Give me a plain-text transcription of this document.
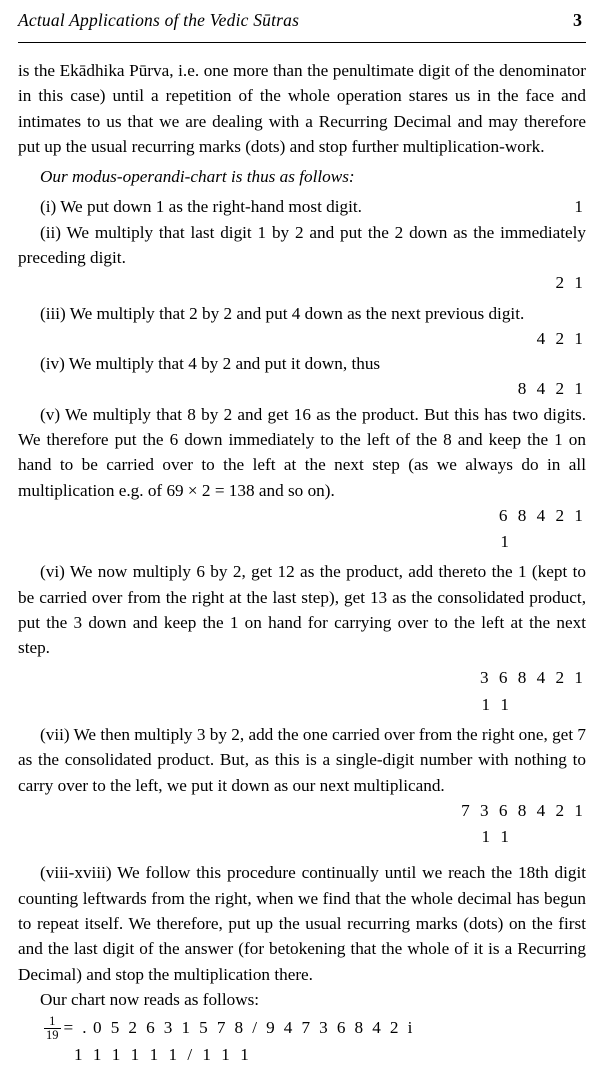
Actual Applications of the Vedic Sūtras	3

is the Ekādhika Pūrva, i.e. one more than the penultimate digit of the denominator in this case) until a repetition of the whole operation stares us in the face and intimates to us that we are dealing with a Recurring Decimal and may therefore put up the usual recurring marks (dots) and stop further multiplication-work.

Our modus-operandi-chart is thus as follows:

(i) We put down 1 as the right-hand most digit.	1

(ii) We multiply that last digit 1 by 2 and put the 2 down as the immediately preceding digit.

2 1

(iii) We multiply that 2 by 2 and put 4 down as the next previous digit.

4 2 1

(iv) We multiply that 4 by 2 and put it down, thus

8 4 2 1

(v) We multiply that 8 by 2 and get 16 as the product. But this has two digits. We therefore put the 6 down immediately to the left of the 8 and keep the 1 on hand to be carried over to the left at the next step (as we always do in all multiplication e.g. of 69 × 2 = 138 and so on).

6 8 4 2 1
1

(vi) We now multiply 6 by 2, get 12 as the product, add thereto the 1 (kept to be carried over from the right at the last step), get 13 as the consolidated product, put the 3 down and keep the 1 on hand for carrying over to the left at the next step.

3 6 8 4 2 1
1 1

(vii) We then multiply 3 by 2, add the one carried over from the right one, get 7 as the consolidated product. But, as this is a single-digit number with nothing to carry over to the left, we put it down as our next multiplicand.

7 3 6 8 4 2 1
1 1

(viii-xviii) We follow this procedure continually until we reach the 18th digit counting leftwards from the right, when we find that the whole decimal has begun to repeat itself. We therefore, put up the usual recurring marks (dots) on the first and the last digit of the answer (for betokening that the whole of it is a Recurring Decimal) and stop the multiplication there.

Our chart now reads as follows:

$\frac{1}{19}$ = . 0 5 2 6 3 1 5 7 8 / 9 4 7 3 6 8 4 2 i
1 1 1 1 1 1 / 1 1 1
